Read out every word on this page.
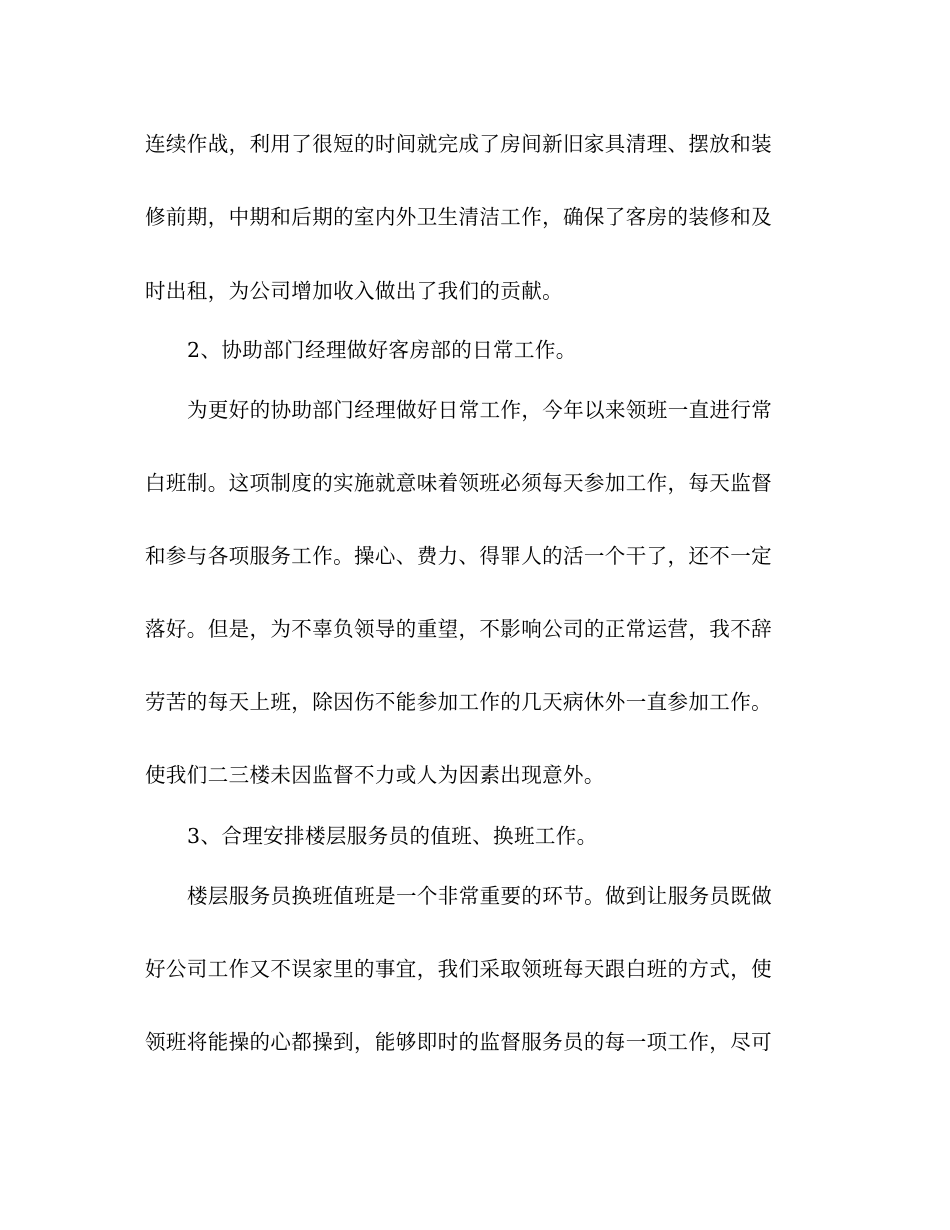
连续作战，利用了很短的时间就完成了房间新旧家具清理、摆放和装
修前期，中期和后期的室内外卫生清洁工作，确保了客房的装修和及
时出租，为公司增加收入做出了我们的贡献。
2、协助部门经理做好客房部的日常工作。
为更好的协助部门经理做好日常工作，今年以来领班一直进行常
白班制。这项制度的实施就意味着领班必须每天参加工作，每天监督
和参与各项服务工作。操心、费力、得罪人的活一个干了，还不一定
落好。但是，为不辜负领导的重望，不影响公司的正常运营，我不辞
劳苦的每天上班，除因伤不能参加工作的几天病休外一直参加工作。
使我们二三楼未因监督不力或人为因素出现意外。
3、合理安排楼层服务员的值班、换班工作。
楼层服务员换班值班是一个非常重要的环节。做到让服务员既做
好公司工作又不误家里的事宜，我们采取领班每天跟白班的方式，使
领班将能操的心都操到，能够即时的监督服务员的每一项工作，尽可
